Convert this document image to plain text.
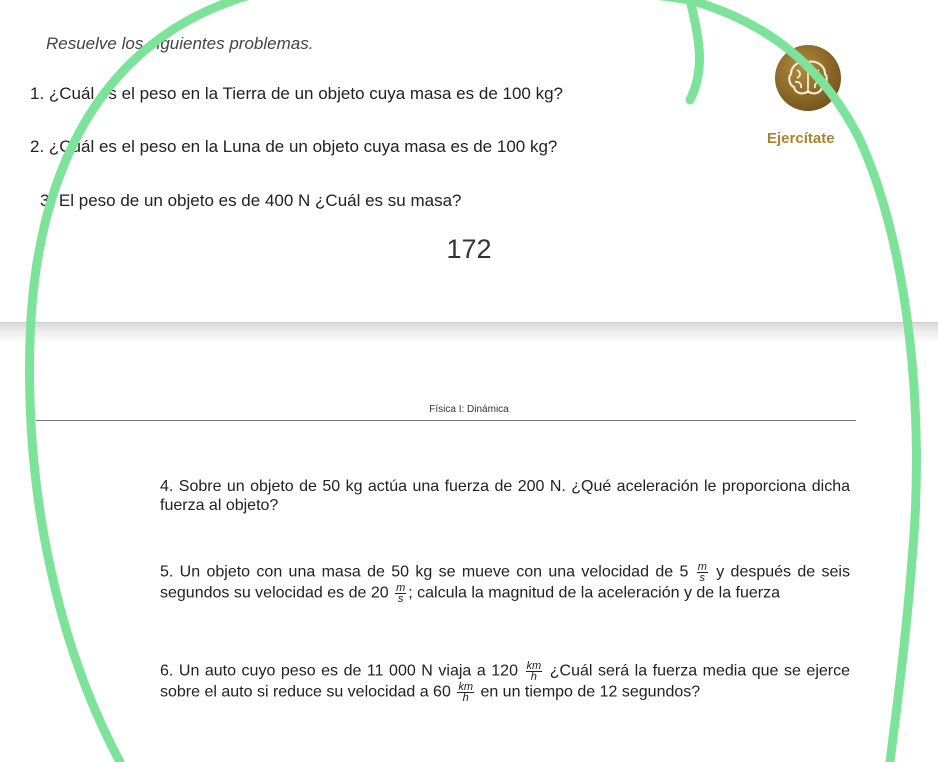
Resuelve los siguientes problemas.
1. ¿Cuál es el peso en la Tierra de un objeto cuya masa es de 100 kg?
2. ¿Cuál es el peso en la Luna de un objeto cuya masa es de 100 kg?
3. El peso de un objeto es de 400 N ¿Cuál es su masa?
172
Ejercítate
Física I: Dinámica
4. Sobre un objeto de 50 kg actúa una fuerza de 200 N. ¿Qué aceleración le proporciona dicha fuerza al objeto?
5. Un objeto con una masa de 50 kg se mueve con una velocidad de $5 \frac{m}{s}$ y después de seis segundos su velocidad es de $20 \frac{m}{s}$ ; calcula la magnitud de la aceleración y de la fuerza
6. Un auto cuyo peso es de 11 000 N viaja a $120 \frac{km}{h}$ ¿Cuál será la fuerza media que se ejerce sobre el auto si reduce su velocidad a $60 \frac{km}{h}$ en un tiempo de 12 segundos?
